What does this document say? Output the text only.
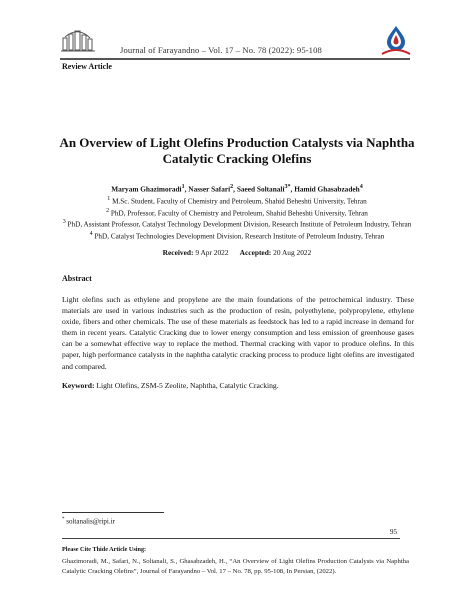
Journal of Farayandno – Vol. 17 – No. 78 (2022): 95-108
Review Article
An Overview of Light Olefins Production Catalysts via Naphtha
Catalytic Cracking Olefins
Maryam Ghazimoradi$^1$, Nasser Safari$^2$, Saeed Soltanali$^{3*}$, Hamid Ghasabzadeh$^4$
$^1$ M.Sc. Student, Faculty of Chemistry and Petroleum, Shahid Beheshti University, Tehran
$^2$ PhD, Professor, Faculty of Chemistry and Petroleum, Shahid Beheshti University, Tehran
$^3$ PhD, Assistant Professor, Catalyst Technology Development Division, Research Institute of Petroleum Industry, Tehran
$^4$ PhD, Catalyst Technologies Development Division, Research Institute of Petroleum Industry, Tehran
Received: 9 Apr 2022 Accepted: 20 Aug 2022
Abstract
Light olefins such as ethylene and propylene are the main foundations of the petrochemical industry. These materials are used in various industries such as the production of resin, polyethylene, polypropylene, ethylene oxide, fibers and other chemicals. The use of these materials as feedstock has led to a rapid increase in demand for them in recent years. Catalytic Cracking due to lower energy consumption and less emission of greenhouse gases can be a somewhat effective way to replace the method. Thermal cracking with vapor to produce olefins. In this paper, high performance catalysts in the naphtha catalytic cracking process to produce light olefins are investigated and compared.
Keyword: Light Olefins, ZSM-5 Zeolite, Naphtha, Catalytic Cracking.
* soltanalis@ripi.ir
95
Please Cite Thide Article Using:
Ghazimoradi, M., Safari, N., Soltanali, S., Ghasabzadeh, H., “An Overview of Light Olefins Production Catalysts via Naphtha Catalytic Cracking Olefins”, Journal of Farayandno – Vol. 17 – No. 78, pp. 95-108, In Persian, (2022).
